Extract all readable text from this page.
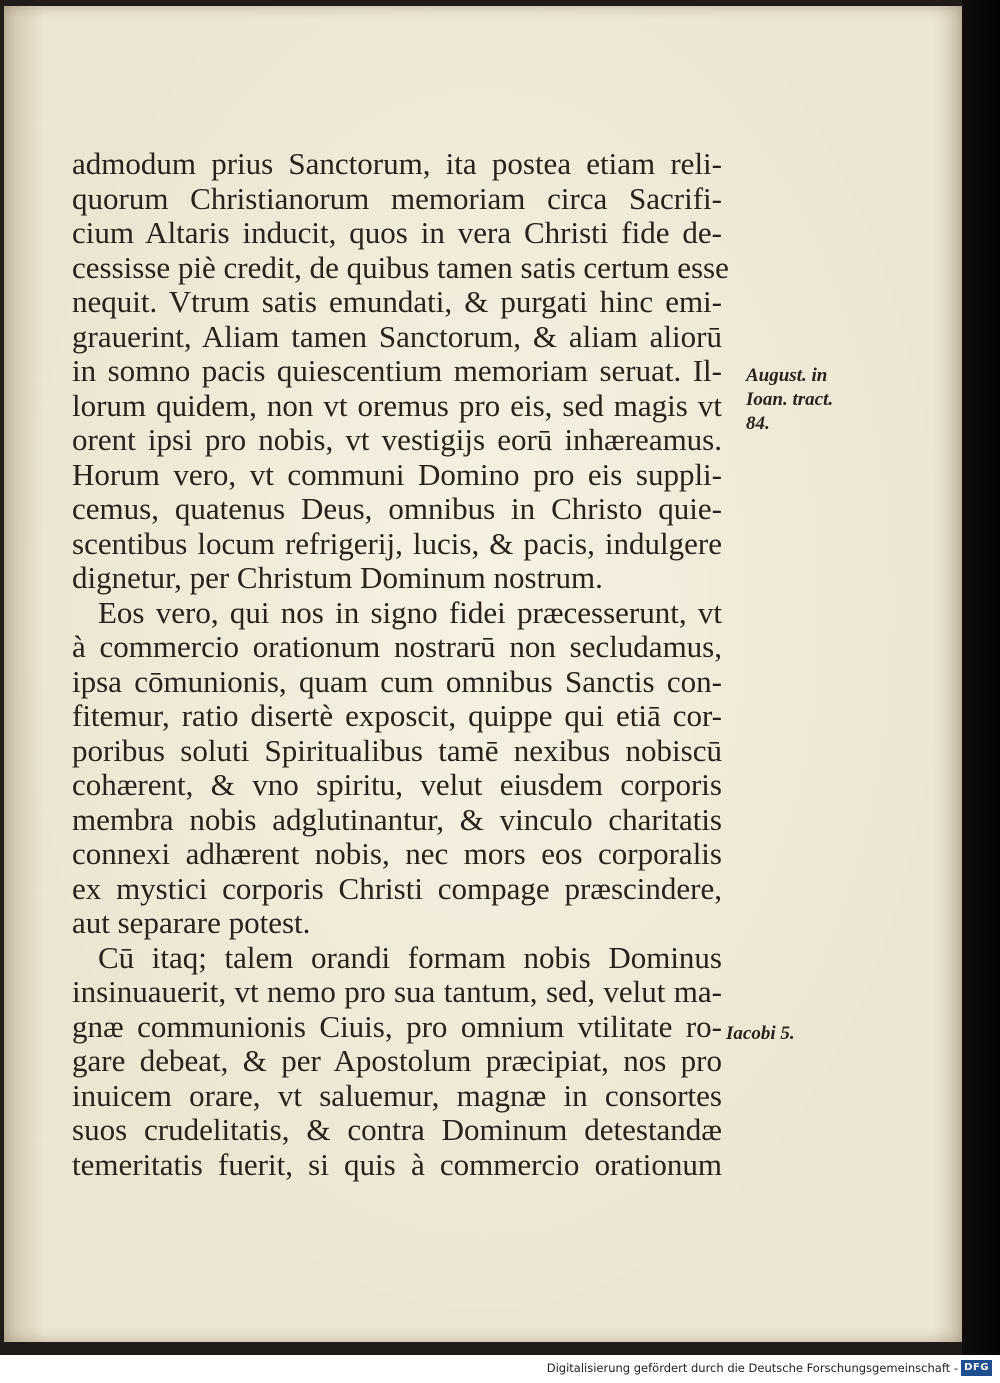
admodum prius Sanctorum, ita postea etiam reli-
quorum Christianorum memoriam circa Sacrifi-
cium Altaris inducit, quos in vera Christi fide de-
cessisse piè credit, de quibus tamen satis certum esse
nequit. Vtrum satis emundati, & purgati hinc emi-
grauerint, Aliam tamen Sanctorum, & aliam aliorū
in somno pacis quiescentium memoriam seruat. Il-
lorum quidem, non vt oremus pro eis, sed magis vt
orent ipsi pro nobis, vt vestigijs eorū inhæreamus.
Horum vero, vt communi Domino pro eis suppli-
cemus, quatenus Deus, omnibus in Christo quie-
scentibus locum refrigerij, lucis, & pacis, indulgere
dignetur, per Christum Dominum nostrum.
Eos vero, qui nos in signo fidei præcesserunt, vt
à commercio orationum nostrarū non secludamus,
ipsa cōmunionis, quam cum omnibus Sanctis con-
fitemur, ratio disertè exposcit, quippe qui etiā cor-
poribus soluti Spiritualibus tamē nexibus nobiscū
cohærent, & vno spiritu, velut eiusdem corporis
membra nobis adglutinantur, & vinculo charitatis
connexi adhærent nobis, nec mors eos corporalis
ex mystici corporis Christi compage præscindere,
aut separare potest.
Cū itaq; talem orandi formam nobis Dominus
insinuauerit, vt nemo pro sua tantum, sed, velut ma-
gnæ communionis Ciuis, pro omnium vtilitate ro-
gare debeat, & per Apostolum præcipiat, nos pro
inuicem orare, vt saluemur, magnæ in consortes
suos crudelitatis, & contra Dominum detestandæ
temeritatis fuerit, si quis à commercio orationum
August. in
Ioan. tract.
84.
Iacobi 5.
Digitalisierung gefördert durch die Deutsche Forschungsgemeinschaft - DFG
